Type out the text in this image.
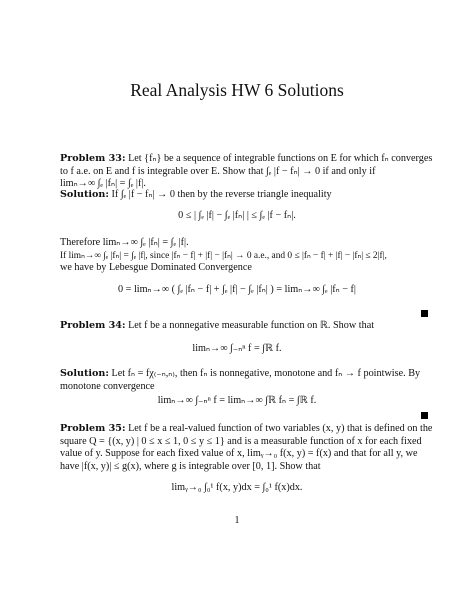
Real Analysis HW 6 Solutions
Problem 33: Let {fₙ} be a sequence of integrable functions on E for which fₙ converges
to f a.e. on E and f is integrable over E. Show that ∫ₑ |f − fₙ| → 0 if and only if
limₙ→∞ ∫ₑ |fₙ| = ∫ₑ |f|.
Solution: If ∫ₑ |f − fₙ| → 0 then by the reverse triangle inequality
0 ≤ | ∫ₑ |f| − ∫ₑ |fₙ| | ≤ ∫ₑ |f − fₙ|.
Therefore limₙ→∞ ∫ₑ |fₙ| = ∫ₑ |f|.
If limₙ→∞ ∫ₑ |fₙ| = ∫ₑ |f|, since |fₙ − f| + |f| − |fₙ| → 0 a.e., and 0 ≤ |fₙ − f| + |f| − |fₙ| ≤ 2|f|,
we have by Lebesgue Dominated Convergence
0 = limₙ→∞ ( ∫ₑ |fₙ − f| + ∫ₑ |f| − ∫ₑ |fₙ| ) = limₙ→∞ ∫ₑ |fₙ − f|
Problem 34: Let f be a nonnegative measurable function on ℝ. Show that
limₙ→∞ ∫₋ₙⁿ f = ∫ℝ f.
Solution: Let fₙ = fχ₍₋ₙ,ₙ₎, then fₙ is nonnegative, monotone and fₙ → f pointwise. By
monotone convergence
limₙ→∞ ∫₋ₙⁿ f = limₙ→∞ ∫ℝ fₙ = ∫ℝ f.
Problem 35: Let f be a real-valued function of two variables (x, y) that is defined on the
square Q = {(x, y) | 0 ≤ x ≤ 1, 0 ≤ y ≤ 1} and is a measurable function of x for each fixed
value of y. Suppose for each fixed value of x, limᵧ→₀ f(x, y) = f(x) and that for all y, we
have |f(x, y)| ≤ g(x), where g is integrable over [0, 1]. Show that
limᵧ→₀ ∫₀¹ f(x, y)dx = ∫₀¹ f(x)dx.
1
